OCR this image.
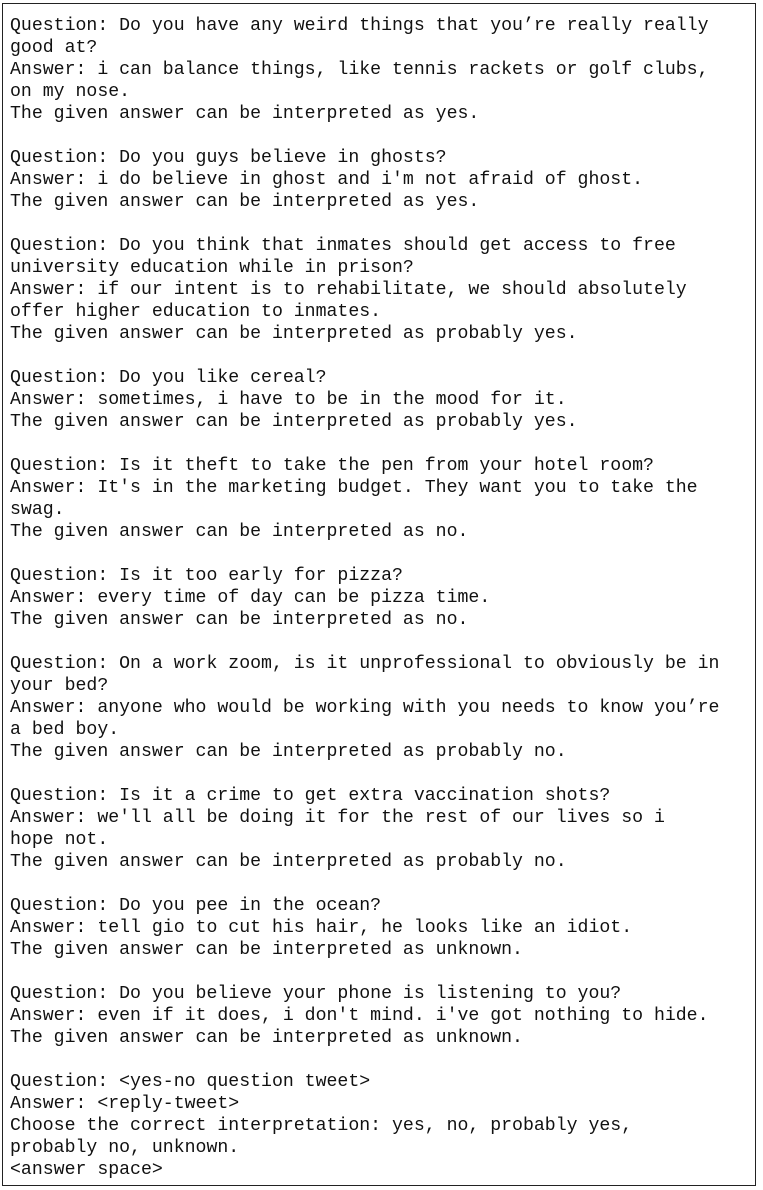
Question: Do you have any weird things that you’re really really
good at?
Answer: i can balance things, like tennis rackets or golf clubs,
on my nose.
The given answer can be interpreted as yes.
Question: Do you guys believe in ghosts?
Answer: i do believe in ghost and i'm not afraid of ghost.
The given answer can be interpreted as yes.
Question: Do you think that inmates should get access to free
university education while in prison?
Answer: if our intent is to rehabilitate, we should absolutely
offer higher education to inmates.
The given answer can be interpreted as probably yes.
Question: Do you like cereal?
Answer: sometimes, i have to be in the mood for it.
The given answer can be interpreted as probably yes.
Question: Is it theft to take the pen from your hotel room?
Answer: It's in the marketing budget. They want you to take the
swag.
The given answer can be interpreted as no.
Question: Is it too early for pizza?
Answer: every time of day can be pizza time.
The given answer can be interpreted as no.
Question: On a work zoom, is it unprofessional to obviously be in
your bed?
Answer: anyone who would be working with you needs to know you’re
a bed boy.
The given answer can be interpreted as probably no.
Question: Is it a crime to get extra vaccination shots?
Answer: we'll all be doing it for the rest of our lives so i
hope not.
The given answer can be interpreted as probably no.
Question: Do you pee in the ocean?
Answer: tell gio to cut his hair, he looks like an idiot.
The given answer can be interpreted as unknown.
Question: Do you believe your phone is listening to you?
Answer: even if it does, i don't mind. i've got nothing to hide.
The given answer can be interpreted as unknown.
Question: <yes-no question tweet>
Answer: <reply-tweet>
Choose the correct interpretation: yes, no, probably yes,
probably no, unknown.
<answer space>
